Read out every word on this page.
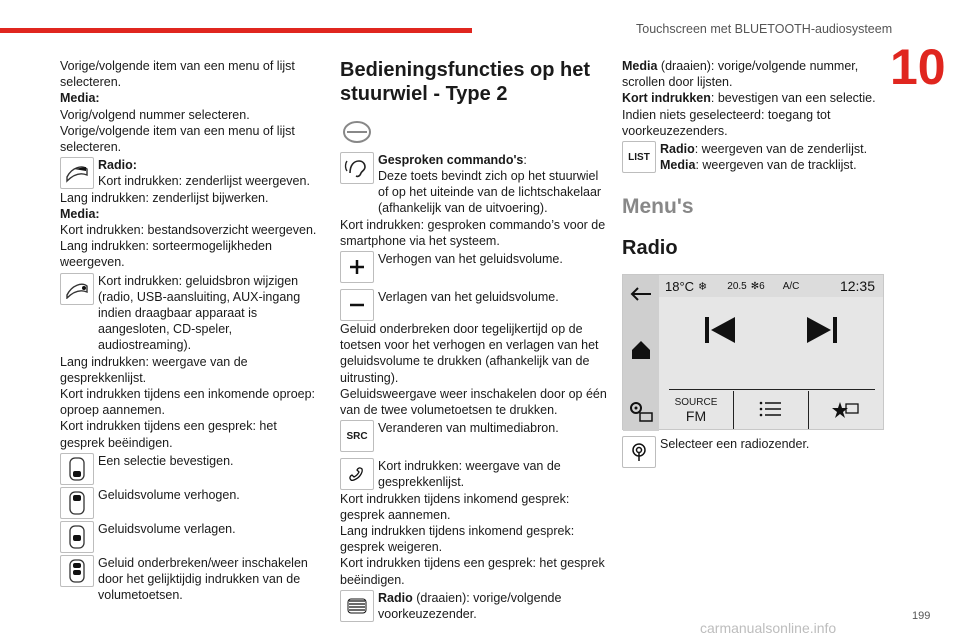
Touchscreen met BLUETOOTH-audiosysteem
10

Vorige/volgende item van een menu of lijst selecteren.

Media:

Vorig/volgend nummer selecteren.

Vorige/volgende item van een menu of lijst selecteren.

Radio:

Kort indrukken: zenderlijst weergeven.

Lang indrukken: zenderlijst bijwerken.

Media:

Kort indrukken: bestandsoverzicht weergeven.

Lang indrukken: sorteermogelijkheden weergeven.

Kort indrukken: geluidsbron wijzigen (radio, USB-aansluiting, AUX-ingang indien draagbaar apparaat is aangesloten, CD-speler, audiostreaming).

Lang indrukken: weergave van de gesprekkenlijst.

Kort indrukken tijdens een inkomende oproep: oproep aannemen.

Kort indrukken tijdens een gesprek: het gesprek beëindigen.

Een selectie bevestigen.

Geluidsvolume verhogen.

Geluidsvolume verlagen.

Geluid onderbreken/weer inschakelen door het gelijktijdig indrukken van de volumetoetsen.

Bedieningsfuncties op het stuurwiel - Type 2

Gesproken commando's:

Deze toets bevindt zich op het stuurwiel of op het uiteinde van de lichtschakelaar (afhankelijk van de uitvoering).

Kort indrukken: gesproken commando’s voor de smartphone via het systeem.

Verhogen van het geluidsvolume.

Verlagen van het geluidsvolume.

Geluid onderbreken door tegelijkertijd op de toetsen voor het verhogen en verlagen van het geluidsvolume te drukken (afhankelijk van de uitrusting).

Geluidsweergave weer inschakelen door op één van de twee volumetoetsen te drukken.

SRC

Veranderen van multimediabron.

Kort indrukken: weergave van de gesprekkenlijst.

Kort indrukken tijdens inkomend gesprek: gesprek aannemen.

Lang indrukken tijdens inkomend gesprek: gesprek weigeren.

Kort indrukken tijdens een gesprek: het gesprek beëindigen.

Radio (draaien): vorige/volgende voorkeuzezender.

Media (draaien): vorige/volgende nummer, scrollen door lijsten.

Kort indrukken: bevestigen van een selectie.

Indien niets geselecteerd: toegang tot voorkeuzezenders.

LIST

Radio: weergeven van de zenderlijst.

Media: weergeven van de tracklijst.

Menu's
Radio
18°C ❄ 20.5 ✻ 6 A/C	12:35
SOURCE
FM

Selecteer een radiozender.

199
carmanualsonline.info
